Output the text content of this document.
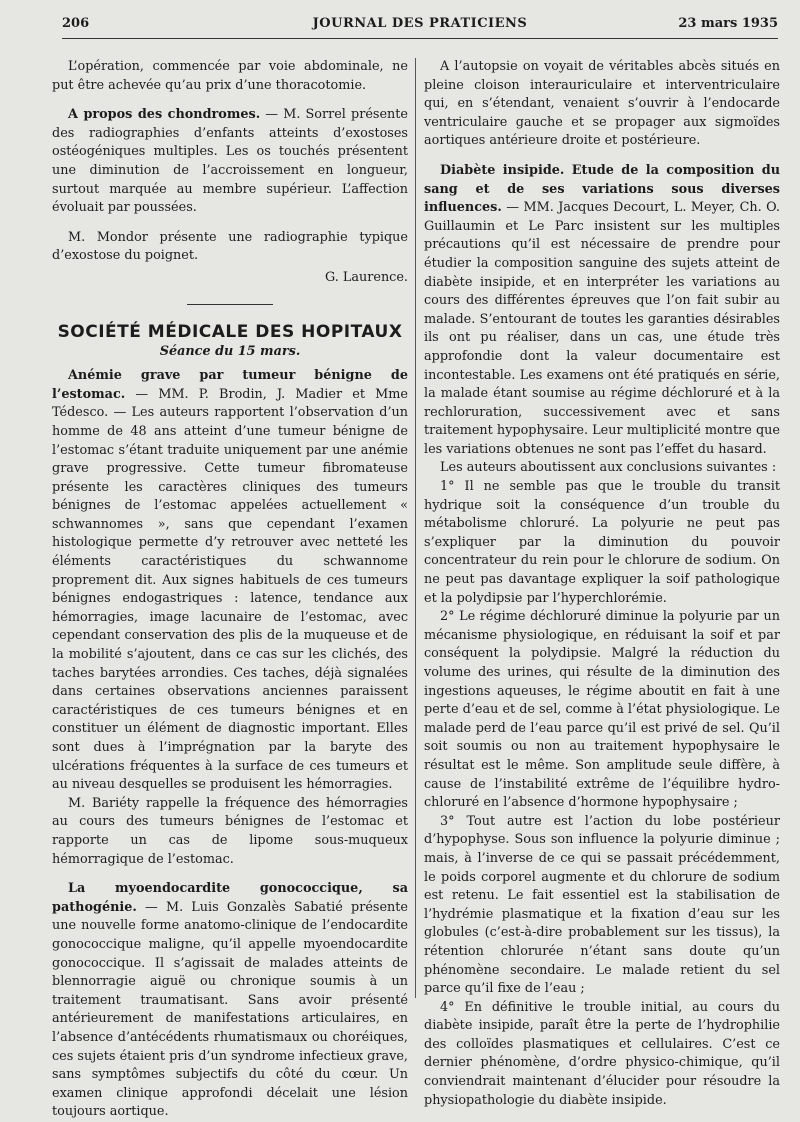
206	JOURNAL DES PRATICIENS	23 mars 1935

L’opération, commencée par voie abdominale, ne put être achevée qu’au prix d’une thoracotomie.

A propos des chondromes. — M. Sorrel présente des radiographies d’enfants atteints d’exostoses ostéogéniques multiples. Les os touchés présentent une diminution de l’accroissement en longueur, surtout marquée au membre supérieur. L’affection évoluait par poussées.

M. Mondor présente une radiographie typique d’exostose du poignet.

G. Laurence.
SOCIÉTÉ MÉDICALE DES HOPITAUX
Séance du 15 mars.

Anémie grave par tumeur bénigne de l’estomac. — MM. P. Brodin, J. Madier et Mme Tédesco. — Les auteurs rapportent l’observation d’un homme de 48 ans atteint d’une tumeur bénigne de l’estomac s’étant traduite uniquement par une anémie grave progressive. Cette tumeur fibromateuse présente les caractères cliniques des tumeurs bénignes de l’estomac appelées actuellement « schwannomes », sans que cependant l’examen histologique permette d’y retrouver avec netteté les éléments caractéristiques du schwannome proprement dit. Aux signes habituels de ces tumeurs bénignes endogastriques : latence, tendance aux hémorragies, image lacunaire de l’estomac, avec cependant conservation des plis de la muqueuse et de la mobilité s’ajoutent, dans ce cas sur les clichés, des taches barytées arrondies. Ces taches, déjà signalées dans certaines observations anciennes paraissent caractéristiques de ces tumeurs bénignes et en constituer un élément de diagnostic important. Elles sont dues à l’imprégnation par la baryte des ulcérations fréquentes à la surface de ces tumeurs et au niveau desquelles se produisent les hémorragies.

M. Bariéty rappelle la fréquence des hémorragies au cours des tumeurs bénignes de l’estomac et rapporte un cas de lipome sous-muqueux hémorragique de l’estomac.

La myoendocardite gonococcique, sa pathogénie. — M. Luis Gonzalès Sabatié présente une nouvelle forme anatomo-clinique de l’endocardite gonococcique maligne, qu’il appelle myoendocardite gonococcique. Il s’agissait de malades atteints de blennorragie aiguë ou chronique soumis à un traitement traumatisant. Sans avoir présenté antérieurement de manifestations articulaires, en l’absence d’antécédents rhumatismaux ou choréiques, ces sujets étaient pris d’un syndrome infectieux grave, sans symptômes subjectifs du côté du cœur. Un examen clinique approfondi décelait une lésion toujours aortique.

A l’autopsie on voyait de véritables abcès situés en pleine cloison interauriculaire et interventriculaire qui, en s’étendant, venaient s’ouvrir à l’endocarde ventriculaire gauche et se propager aux sigmoïdes aortiques antérieure droite et postérieure.

Diabète insipide. Etude de la composition du sang et de ses variations sous diverses influences. — MM. Jacques Decourt, L. Meyer, Ch. O. Guillaumin et Le Parc insistent sur les multiples précautions qu’il est nécessaire de prendre pour étudier la composition sanguine des sujets atteint de diabète insipide, et en interpréter les variations au cours des différentes épreuves que l’on fait subir au malade. S’entourant de toutes les garanties désirables ils ont pu réaliser, dans un cas, une étude très approfondie dont la valeur documentaire est incontestable. Les examens ont été pratiqués en série, la malade étant soumise au régime déchloruré et à la rechloruration, successivement avec et sans traitement hypophysaire. Leur multiplicité montre que les variations obtenues ne sont pas l’effet du hasard.

Les auteurs aboutissent aux conclusions suivantes :

1° Il ne semble pas que le trouble du transit hydrique soit la conséquence d’un trouble du métabolisme chloruré. La polyurie ne peut pas s’expliquer par la diminution du pouvoir concentrateur du rein pour le chlorure de sodium. On ne peut pas davantage expliquer la soif pathologique et la polydipsie par l’hyperchlorémie.

2° Le régime déchloruré diminue la polyurie par un mécanisme physiologique, en réduisant la soif et par conséquent la polydipsie. Malgré la réduction du volume des urines, qui résulte de la diminution des ingestions aqueuses, le régime aboutit en fait à une perte d’eau et de sel, comme à l’état physiologique. Le malade perd de l’eau parce qu’il est privé de sel. Qu’il soit soumis ou non au traitement hypophysaire le résultat est le même. Son amplitude seule diffère, à cause de l’instabilité extrême de l’équilibre hydro-chloruré en l’absence d’hormone hypophysaire ;

3° Tout autre est l’action du lobe postérieur d’hypophyse. Sous son influence la polyurie diminue ; mais, à l’inverse de ce qui se passait précédemment, le poids corporel augmente et du chlorure de sodium est retenu. Le fait essentiel est la stabilisation de l’hydrémie plasmatique et la fixation d’eau sur les globules (c’est-à-dire probablement sur les tissus), la rétention chlorurée n’étant sans doute qu’un phénomène secondaire. Le malade retient du sel parce qu’il fixe de l’eau ;

4° En définitive le trouble initial, au cours du diabète insipide, paraît être la perte de l’hydrophilie des colloïdes plasmatiques et cellulaires. C’est ce dernier phénomène, d’ordre physico-chimique, qu’il conviendrait maintenant d’élucider pour résoudre la physiopathologie du diabète insipide.
